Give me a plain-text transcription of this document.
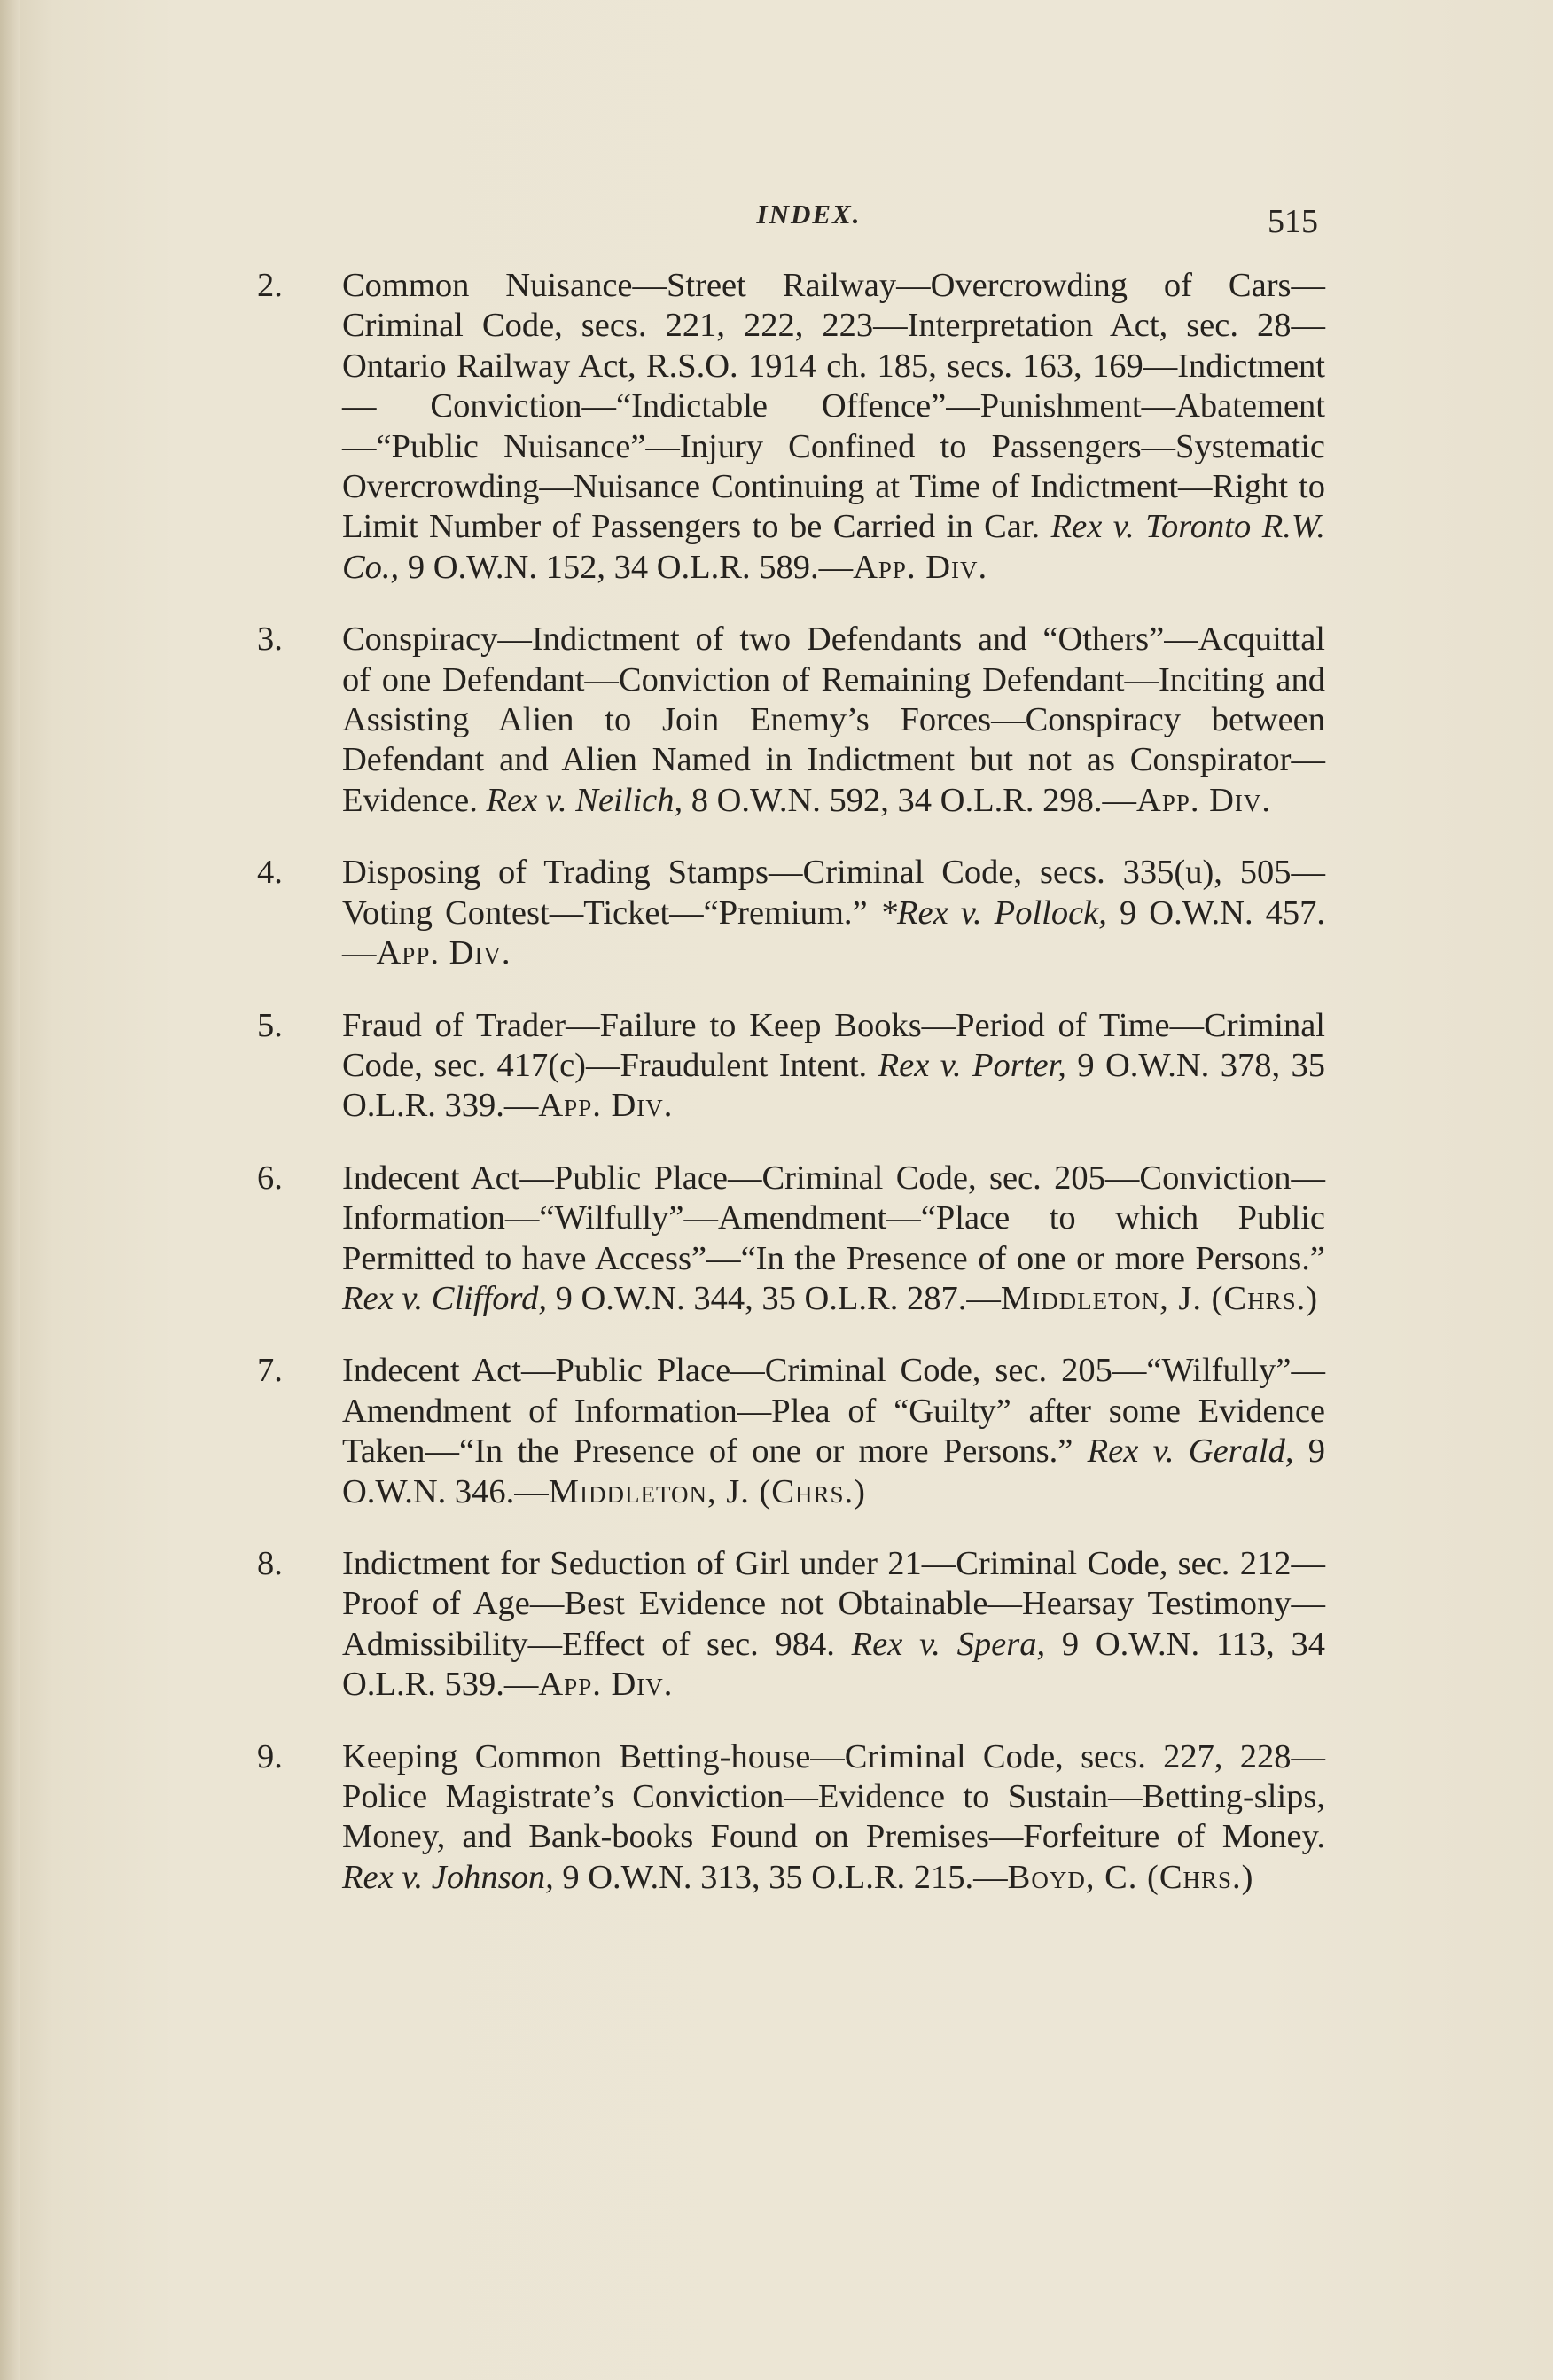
INDEX.	515
2 .	Common Nuisance—Street Railway—Overcrowding of Cars—Criminal Code, secs. 221, 222, 223—Interpretation Act, sec. 28—Ontario Railway Act, R.S.O. 1914 ch. 185, secs. 163, 169—Indictment — Conviction—“Indictable Offence”—Punishment—Abatement—“Public Nuisance”—Injury Confined to Passengers—Systematic Overcrowding—Nuisance Continuing at Time of Indictment—Right to Limit Number of Passengers to be Carried in Car. Rex v. Toronto R.W. Co., 9 O.W.N. 152, 34 O.L.R. 589.—App. Div.
3 .	Conspiracy—Indictment of two Defendants and “Others”—Acquittal of one Defendant—Conviction of Remaining Defendant—Inciting and Assisting Alien to Join Enemy’s Forces—Conspiracy between Defendant and Alien Named in Indictment but not as Conspirator—Evidence. Rex v. Neilich, 8 O.W.N. 592, 34 O.L.R. 298.—App. Div.
4 .	Disposing of Trading Stamps—Criminal Code, secs. 335(u), 505—Voting Contest—Ticket—“Premium.” *Rex v. Pollock, 9 O.W.N. 457.—App. Div.
5 .	Fraud of Trader—Failure to Keep Books—Period of Time—Criminal Code, sec. 417(c)—Fraudulent Intent. Rex v. Porter, 9 O.W.N. 378, 35 O.L.R. 339.—App. Div.
6 .	Indecent Act—Public Place—Criminal Code, sec. 205—Conviction—Information—“Wilfully”—Amendment—“Place to which Public Permitted to have Access”—“In the Presence of one or more Persons.” Rex v. Clifford, 9 O.W.N. 344, 35 O.L.R. 287.—Middleton, J. (Chrs.)
7 .	Indecent Act—Public Place—Criminal Code, sec. 205—“Wilfully”—Amendment of Information—Plea of “Guilty” after some Evidence Taken—“In the Presence of one or more Persons.” Rex v. Gerald, 9 O.W.N. 346.—Middleton, J. (Chrs.)
8 .	Indictment for Seduction of Girl under 21—Criminal Code, sec. 212—Proof of Age—Best Evidence not Obtainable—Hearsay Testimony—Admissibility—Effect of sec. 984. Rex v. Spera, 9 O.W.N. 113, 34 O.L.R. 539.—App. Div.
9 .	Keeping Common Betting-house—Criminal Code, secs. 227, 228—Police Magistrate’s Conviction—Evidence to Sustain—Betting-slips, Money, and Bank-books Found on Premises—Forfeiture of Money. Rex v. Johnson, 9 O.W.N. 313, 35 O.L.R. 215.—Boyd, C. (Chrs.)
